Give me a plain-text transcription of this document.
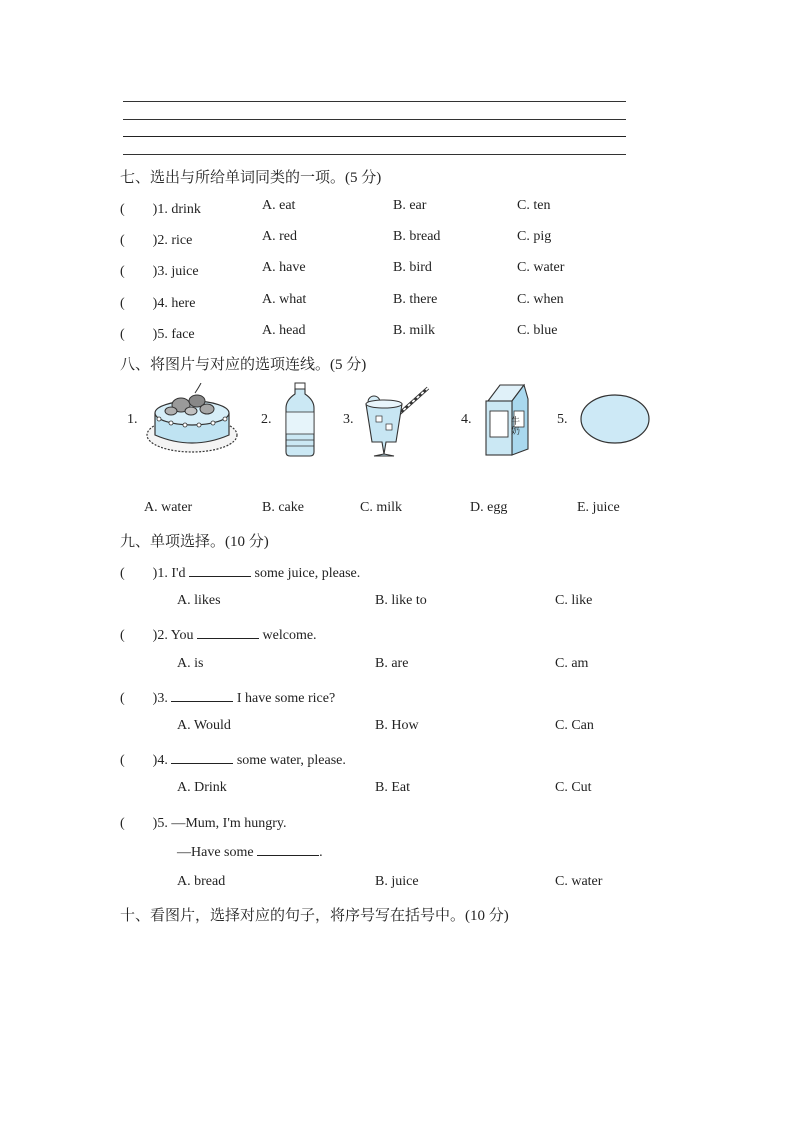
七、选出与所给单词同类的一项。(5 分)
(　　)1. drink	A. eat	B. ear	C. ten
(　　)2. rice	A. red	B. bread	C. pig
(　　)3. juice	A. have	B. bird	C. water
(　　)4. here	A. what	B. there	C. when
(　　)5. face	A. head	B. milk	C. blue
八、将图片与对应的选项连线。(5 分)
1.	2.	3.	4.	牛奶
5.
A. water	B. cake	C. milk	D. egg	E. juice
九、单项选择。(10 分)
(　　)1. I'd	some juice, please.
A. likes	B. like to	C. like
(　　)2. You	welcome.
A. is	B. are	C. am
(　　)3.	I have some rice?
A. Would	B. How	C. Can
(　　)4.	some water, please.
A. Drink	B. Eat	C. Cut
(　　)5. —Mum, I'm hungry.
—Have some	.
A. bread	B. juice	C. water
十、看图片，选择对应的句子，将序号写在括号中。(10 分)
